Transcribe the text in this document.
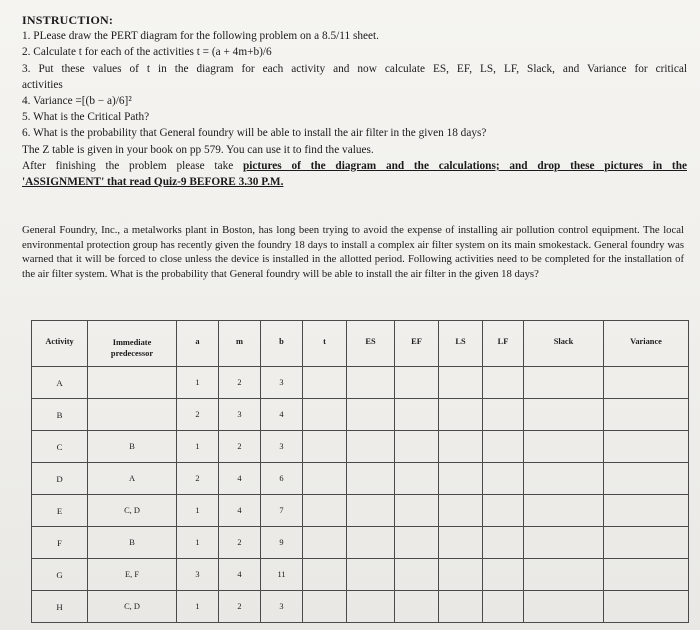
INSTRUCTION:
1. PLease draw the PERT diagram for the following problem on a 8.5/11 sheet.
2. Calculate t for each of the activities t = (a + 4m+b)/6
3. Put these values of t in the diagram for each activity and now calculate ES, EF, LS, LF, Slack, and Variance for critical
activities
4. Variance =[(b − a)/6]²
5. What is the Critical Path?
6. What is the probability that General foundry will be able to install the air filter in the given 18 days?
The Z table is given in your book on pp 579. You can use it to find the values.
After finishing the problem please take pictures of the diagram and the calculations; and drop these pictures in the
'ASSIGNMENT' that read Quiz-9 BEFORE 3.30 P.M.

General Foundry, Inc., a metalworks plant in Boston, has long been trying to avoid the expense of installing air pollution control equipment. The local environmental protection group has recently given the foundry 18 days to install a complex air filter system on its main smokestack. General foundry was warned that it will be forced to close unless the device is installed in the allotted period. Following activities need to be completed for the installation of the air filter system. What is the probability that General foundry will be able to install the air filter in the given 18 days?

Activity	Immediate
predecessor	a	m	b	t	ES	EF	LS	LF	Slack	Variance
A		1	2	3							
B		2	3	4							
C	B	1	2	3							
D	A	2	4	6							
E	C, D	1	4	7							
F	B	1	2	9							
G	E, F	3	4	11							
H	C, D	1	2	3							
